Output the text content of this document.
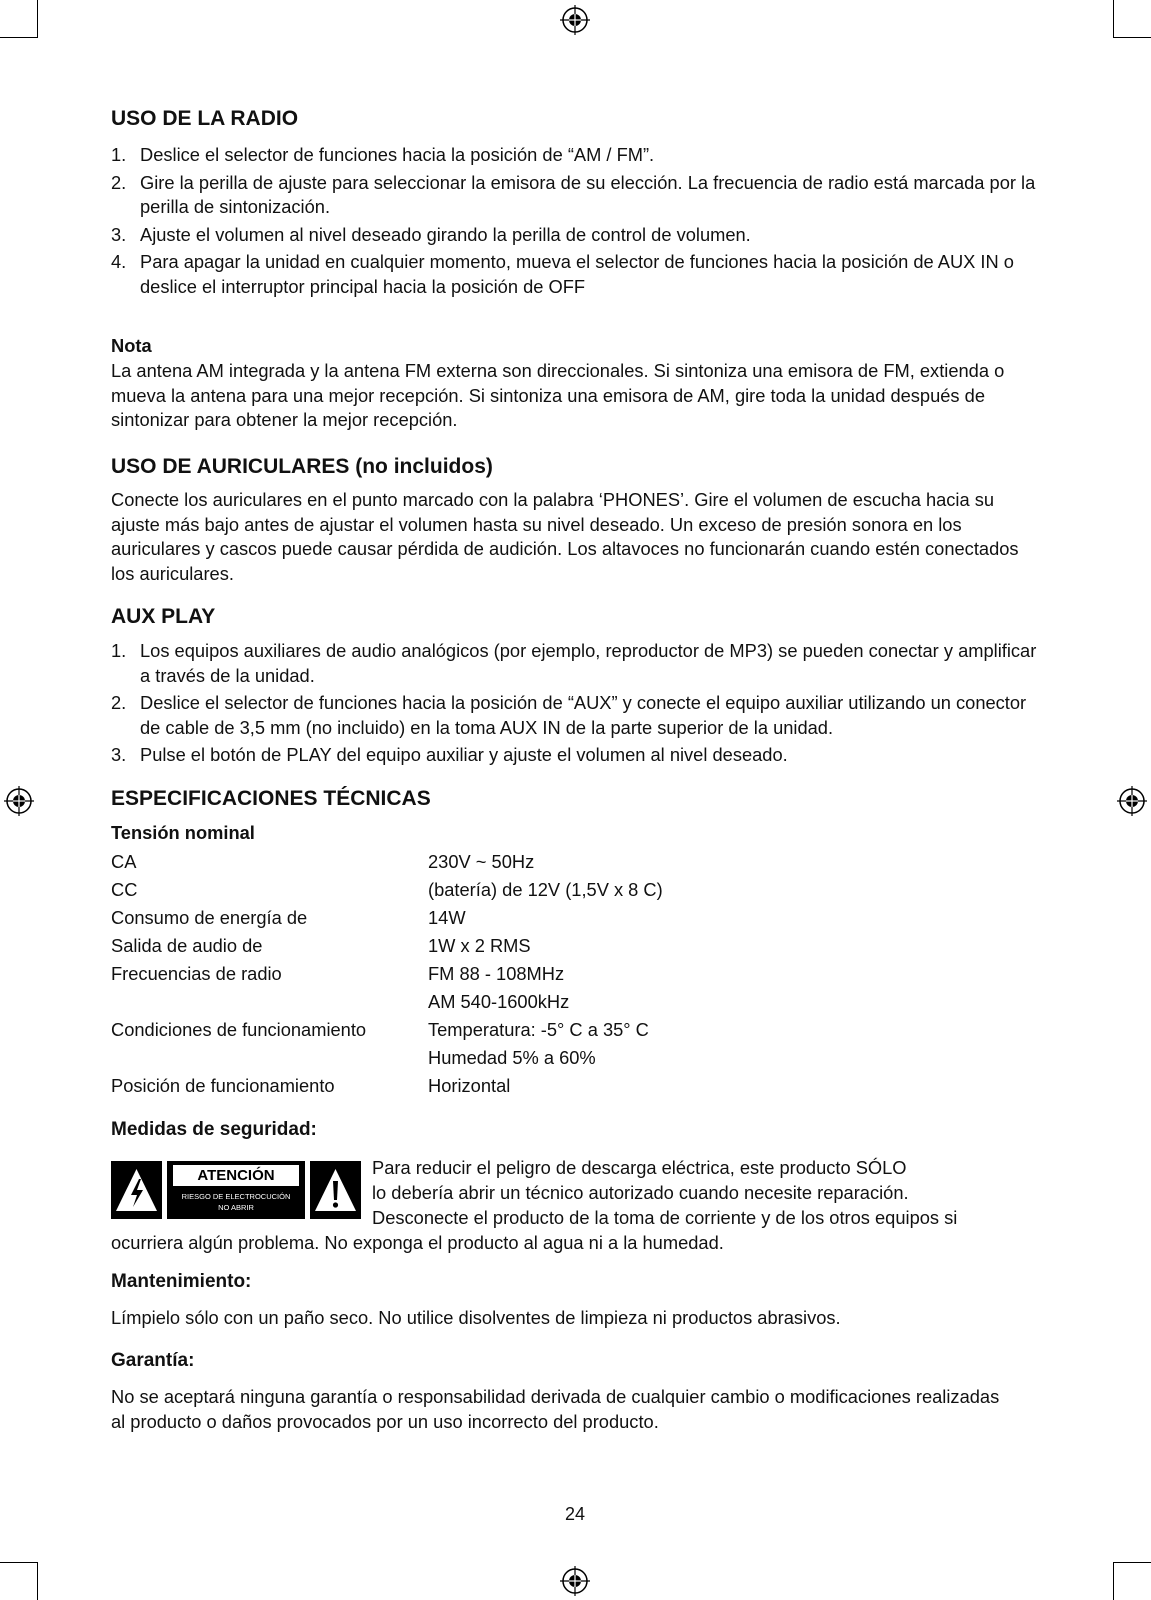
USO DE LA RADIO
1. Deslice el selector de funciones hacia la posición de “AM / FM”.
2. Gire la perilla de ajuste para seleccionar la emisora de su elección. La frecuencia de radio está marcada por la perilla de sintonización.
3. Ajuste el volumen al nivel deseado girando la perilla de control de volumen.
4. Para apagar la unidad en cualquier momento, mueva el selector de funciones hacia la posición de AUX IN o deslice el interruptor principal hacia la posición de OFF
Nota
La antena AM integrada y la antena FM externa son direccionales. Si sintoniza una emisora de FM, extienda o mueva la antena para una mejor recepción. Si sintoniza una emisora de AM, gire toda la unidad después de sintonizar para obtener la mejor recepción.
USO DE AURICULARES (no incluidos)
Conecte los auriculares en el punto marcado con la palabra ‘PHONES’. Gire el volumen de escucha hacia su ajuste más bajo antes de ajustar el volumen hasta su nivel deseado. Un exceso de presión sonora en los auriculares y cascos puede causar pérdida de audición. Los altavoces no funcionarán cuando estén conectados los auriculares.
AUX PLAY
1. Los equipos auxiliares de audio analógicos (por ejemplo, reproductor de MP3) se pueden conectar y amplificar a través de la unidad.
2. Deslice el selector de funciones hacia la posición de “AUX” y conecte el equipo auxiliar utilizando un conector de cable de 3,5 mm (no incluido) en la toma AUX IN de la parte superior de la unidad.
3. Pulse el botón de PLAY del equipo auxiliar y ajuste el volumen al nivel deseado.
ESPECIFICACIONES TÉCNICAS
Tensión nominal
CA	230V ~ 50Hz
CC	(batería) de 12V (1,5V x 8 C)
Consumo de energía de	14W
Salida de audio de	1W x 2 RMS
Frecuencias de radio	FM 88 - 108MHz
AM 540-1600kHz
Condiciones de funcionamiento	Temperatura: -5° C a 35° C
Humedad 5% a 60%
Posición de funcionamiento	Horizontal
Medidas de seguridad:
ATENCIÓN
RIESGO DE ELECTROCUCIÓN
NO ABRIR
Para reducir el peligro de descarga eléctrica, este producto SÓLO
lo debería abrir un técnico autorizado cuando necesite reparación.
Desconecte el producto de la toma de corriente y de los otros equipos si
ocurriera algún problema. No exponga el producto al agua ni a la humedad.
Mantenimiento:
Límpielo sólo con un paño seco. No utilice disolventes de limpieza ni productos abrasivos.
Garantía:
No se aceptará ninguna garantía o responsabilidad derivada de cualquier cambio o modificaciones realizadas al producto o daños provocados por un uso incorrecto del producto.
24
